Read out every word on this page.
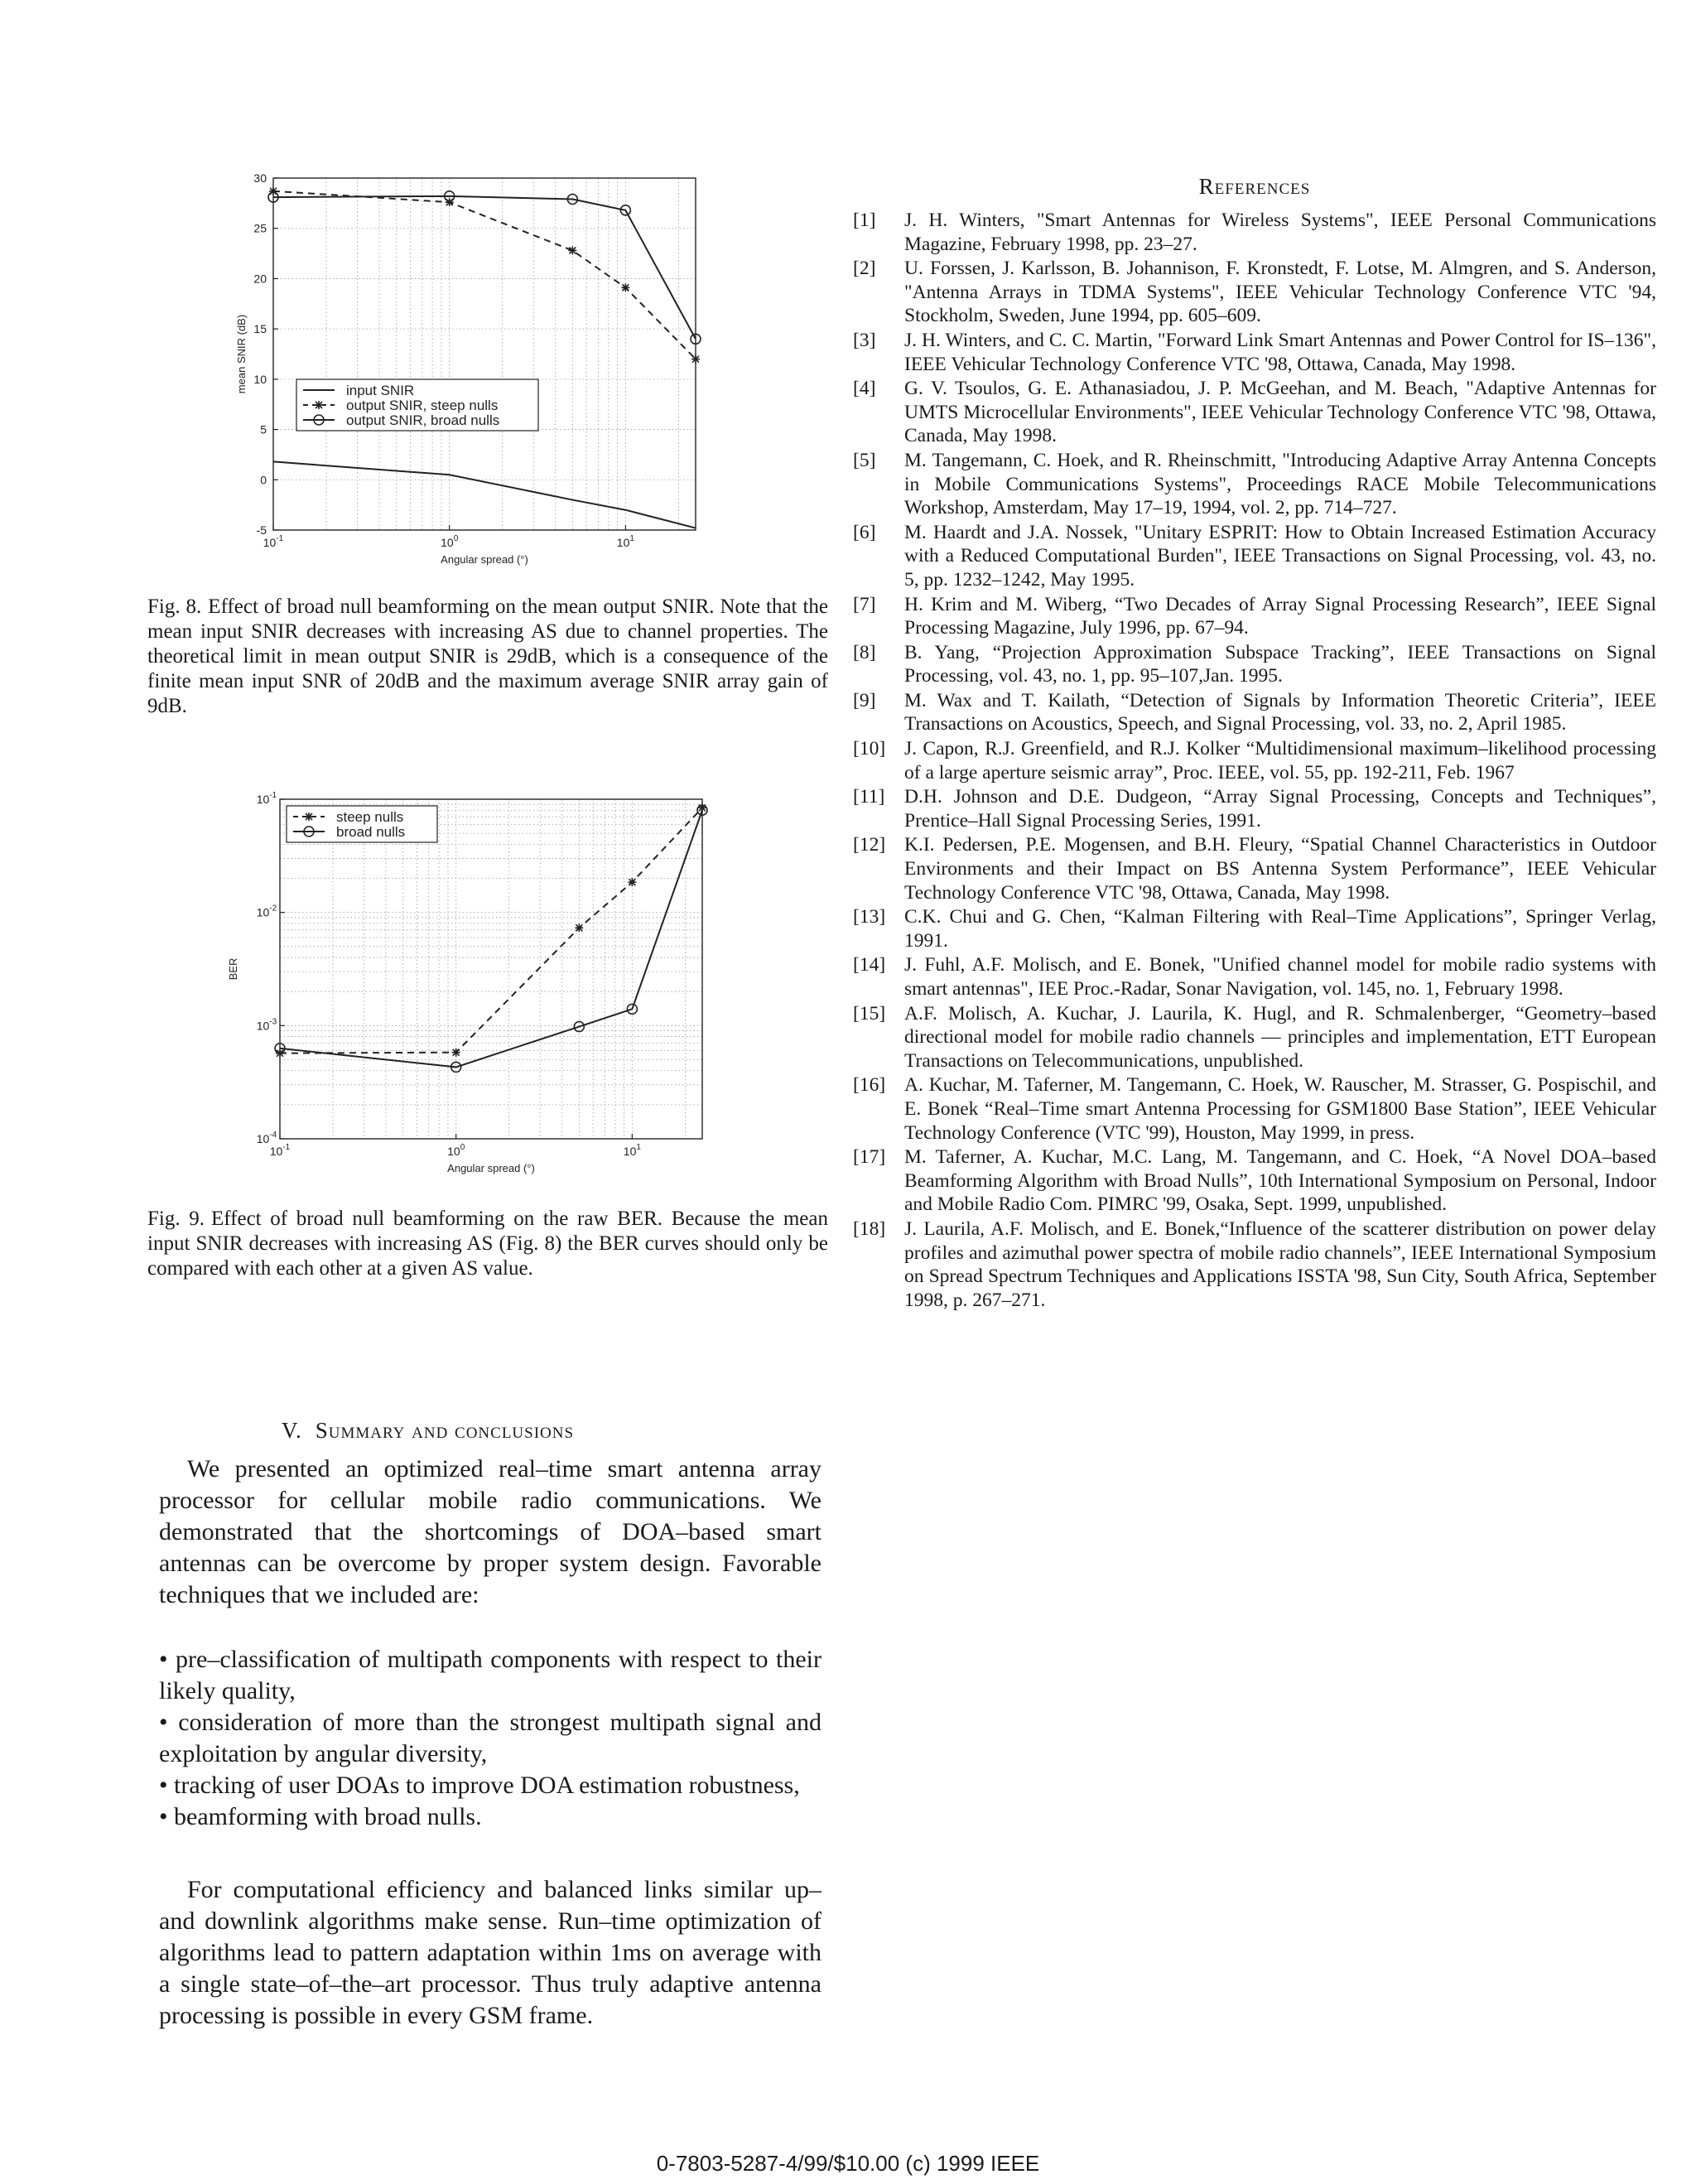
$10^{-1}$	$10^0$	$10^1$
-5
0
5
10
15
20
25
30
Angular spread (°)
mean SNIR (dB)	input SNIR
output SNIR, steep nulls
output SNIR, broad nulls
Fig. 8. Effect of broad null beamforming on the mean output SNIR. Note that the mean input SNIR decreases with increasing AS due to channel properties. The theoretical limit in mean output SNIR is 29dB, which is a consequence of the finite mean input SNR of 20dB and the maximum average SNIR array gain of 9dB.
$10^{-1}$	$10^0$	$10^1$
$10^{-4}$
$10^{-3}$
$10^{-2}$
$10^{-1}$
Angular spread (°)
BER
steep nulls
broad nulls
Fig. 9. Effect of broad null beamforming on the raw BER. Because the mean input SNIR decreases with increasing AS (Fig. 8) the BER curves should only be compared with each other at a given AS value.
V. Summary and conclusions

We presented an optimized real–time smart antenna array processor for cellular mobile radio communications. We demonstrated that the shortcomings of DOA–based smart antennas can be overcome by proper system design. Favorable techniques that we included are:

• pre–classification of multipath components with respect to their likely quality,
• consideration of more than the strongest multipath signal and exploitation by angular diversity,
• tracking of user DOAs to improve DOA estimation robustness,
• beamforming with broad nulls.

For computational efficiency and balanced links similar up– and downlink algorithms make sense. Run–time optimization of algorithms lead to pattern adaptation within 1ms on average with a single state–of–the–art processor. Thus truly adaptive antenna processing is possible in every GSM frame.

References
[1]	J. H. Winters, "Smart Antennas for Wireless Systems", IEEE Personal Communications Magazine, February 1998, pp. 23–27.
[2]	U. Forssen, J. Karlsson, B. Johannison, F. Kronstedt, F. Lotse, M. Almgren, and S. Anderson, "Antenna Arrays in TDMA Systems", IEEE Vehicular Technology Conference VTC '94, Stockholm, Sweden, June 1994, pp. 605–609.
[3]	J. H. Winters, and C. C. Martin, "Forward Link Smart Antennas and Power Control for IS–136", IEEE Vehicular Technology Conference VTC '98, Ottawa, Canada, May 1998.
[4]	G. V. Tsoulos, G. E. Athanasiadou, J. P. McGeehan, and M. Beach, "Adaptive Antennas for UMTS Microcellular Environments", IEEE Vehicular Technology Conference VTC '98, Ottawa, Canada, May 1998.
[5]	M. Tangemann, C. Hoek, and R. Rheinschmitt, "Introducing Adaptive Array Antenna Concepts in Mobile Communications Systems", Proceedings RACE Mobile Telecommunications Workshop, Amsterdam, May 17–19, 1994, vol. 2, pp. 714–727.
[6]	M. Haardt and J.A. Nossek, "Unitary ESPRIT: How to Obtain Increased Estimation Accuracy with a Reduced Computational Burden", IEEE Transactions on Signal Processing, vol. 43, no. 5, pp. 1232–1242, May 1995.
[7]	H. Krim and M. Wiberg, “Two Decades of Array Signal Processing Research”, IEEE Signal Processing Magazine, July 1996, pp. 67–94.
[8]	B. Yang, “Projection Approximation Subspace Tracking”, IEEE Transactions on Signal Processing, vol. 43, no. 1, pp. 95–107,Jan. 1995.
[9]	M. Wax and T. Kailath, “Detection of Signals by Information Theoretic Criteria”, IEEE Transactions on Acoustics, Speech, and Signal Processing, vol. 33, no. 2, April 1985.
[10] J. Capon, R.J. Greenfield, and R.J. Kolker “Multidimensional maximum–likelihood processing of a large aperture seismic array”, Proc. IEEE, vol. 55, pp. 192-211, Feb. 1967
[11]	D.H. Johnson and D.E. Dudgeon, “Array Signal Processing, Concepts and Techniques”, Prentice–Hall Signal Processing Series, 1991.
[12] K.I. Pedersen, P.E. Mogensen, and B.H. Fleury, “Spatial Channel Characteristics in Outdoor Environments and their Impact on BS Antenna System Performance”, IEEE Vehicular Technology Conference VTC '98, Ottawa, Canada, May 1998.
[13] C.K. Chui and G. Chen, “Kalman Filtering with Real–Time Applications”, Springer Verlag, 1991.
[14] J. Fuhl, A.F. Molisch, and E. Bonek, "Unified channel model for mobile radio systems with smart antennas", IEE Proc.-Radar, Sonar Navigation, vol. 145, no. 1, February 1998.
[15] A.F. Molisch, A. Kuchar, J. Laurila, K. Hugl, and R. Schmalenberger, “Geometry–based directional model for mobile radio channels — principles and implementation, ETT European Transactions on Telecommunications, unpublished.
[16] A. Kuchar, M. Taferner, M. Tangemann, C. Hoek, W. Rauscher, M. Strasser, G. Pospischil, and E. Bonek “Real–Time smart Antenna Processing for GSM1800 Base Station”, IEEE Vehicular Technology Conference (VTC '99), Houston, May 1999, in press.
[17] M. Taferner, A. Kuchar, M.C. Lang, M. Tangemann, and C. Hoek, “A Novel DOA–based Beamforming Algorithm with Broad Nulls”, 10th International Symposium on Personal, Indoor and Mobile Radio Com. PIMRC '99, Osaka, Sept. 1999, unpublished.
[18] J. Laurila, A.F. Molisch, and E. Bonek,“Influence of the scatterer distribution on power delay profiles and azimuthal power spectra of mobile radio channels”, IEEE International Symposium on Spread Spectrum Techniques and Applications ISSTA '98, Sun City, South Africa, September 1998, p. 267–271.
0-7803-5287-4/99/$10.00 (c) 1999 IEEE
